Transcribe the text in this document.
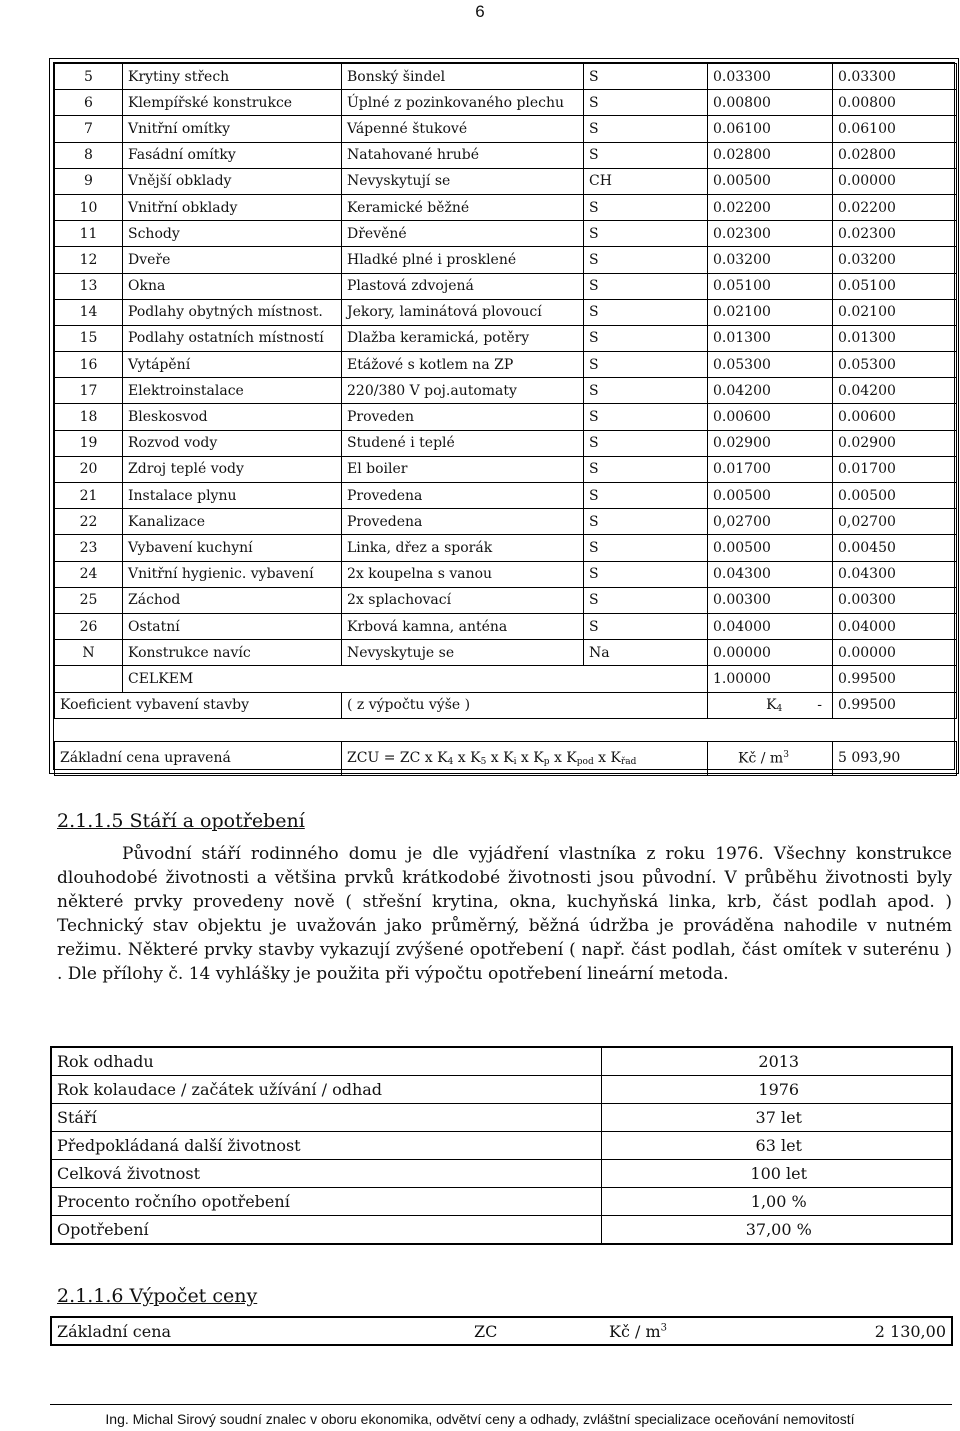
6
5	Krytiny střech	Bonský šindel	S	0.03300	0.03300
6	Klempířské konstrukce	Úplné z pozinkovaného plechu	S	0.00800	0.00800
7	Vnitřní omítky	Vápenné štukové	S	0.06100	0.06100
8	Fasádní omítky	Natahované hrubé	S	0.02800	0.02800
9	Vnější obklady	Nevyskytují se	CH	0.00500	0.00000
10	Vnitřní obklady	Keramické běžné	S	0.02200	0.02200
11	Schody	Dřevěné	S	0.02300	0.02300
12	Dveře	Hladké plné i prosklené	S	0.03200	0.03200
13	Okna	Plastová zdvojená	S	0.05100	0.05100
14	Podlahy obytných místnost.	Jekory, laminátová plovoucí	S	0.02100	0.02100
15	Podlahy ostatních místností	Dlažba keramická, potěry	S	0.01300	0.01300
16	Vytápění	Etážové s kotlem na ZP	S	0.05300	0.05300
17	Elektroinstalace	220/380 V poj.automaty	S	0.04200	0.04200
18	Bleskosvod	Proveden	S	0.00600	0.00600
19	Rozvod vody	Studené i teplé	S	0.02900	0.02900
20	Zdroj teplé vody	El boiler	S	0.01700	0.01700
21	Instalace plynu	Provedena	S	0.00500	0.00500
22	Kanalizace	Provedena	S	0,02700	0,02700
23	Vybavení kuchyní	Linka, dřez a sporák	S	0.00500	0.00450
24	Vnitřní hygienic. vybavení	2x koupelna s vanou	S	0.04300	0.04300
25	Záchod	2x splachovací	S	0.00300	0.00300
26	Ostatní	Krbová kamna, anténa	S	0.04000	0.04000
N	Konstrukce navíc	Nevyskytuje se	Na	0.00000	0.00000
	CELKEM			1.00000	0.99500
Koeficient vybavení stavby		( z výpočtu výše )		K4 -	0.99500

Základní cena upravená		ZCU = ZC x K4 x K5 x Ki x Kp x Kpod x Křad		Kč / $m^3$	5 093,90
2.1.1.5 Stáří a opotřebení

Původní stáří rodinného domu je dle vyjádření vlastníka z roku 1976. Všechny konstrukce dlouhodobé životnosti a většina prvků krátkodobé životnosti jsou původní. V průběhu životnosti byly některé prvky provedeny nově ( střešní krytina, okna, kuchyňská linka, krb, část podlah apod. ) Technický stav objektu je uvažován jako průměrný, běžná údržba je prováděna nahodile v nutném režimu. Některé prvky stavby vykazují zvýšené opotřebení ( např. část podlah, část omítek v suterénu ) . Dle přílohy č. 14 vyhlášky je použita při výpočtu opotřebení lineární metoda.

Rok odhadu	2013
Rok kolaudace / začátek užívání / odhad	1976
Stáří	37 let
Předpokládaná další životnost	63 let
Celková životnost	100 let
Procento ročního opotřebení	1,00 %
Opotřebení	37,00 %
2.1.1.6 Výpočet ceny
Základní cena	ZC	Kč / $m^3$	2 130,00
Ing. Michal Sirový soudní znalec v oboru ekonomika, odvětví ceny a odhady, zvláštní specializace oceňování nemovitostí
